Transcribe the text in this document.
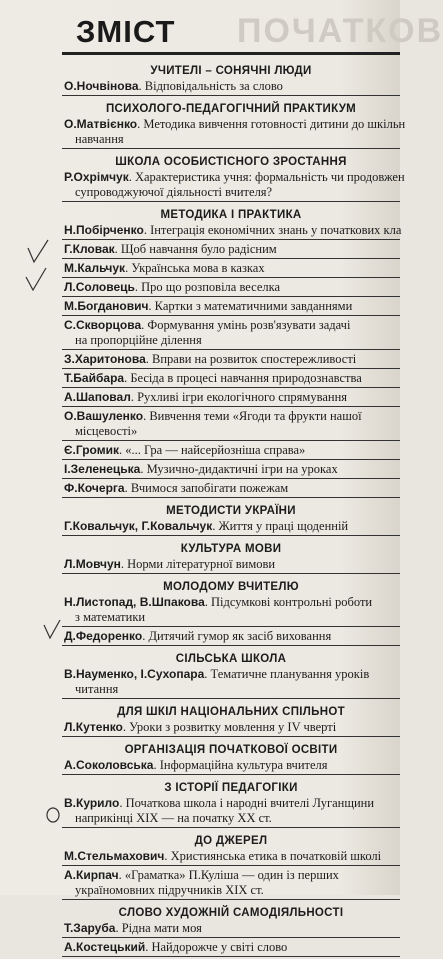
ПОЧАТКОВ
ЗМІСТ
УЧИТЕЛІ – СОНЯЧНІ ЛЮДИ
О.Ночвінова. Відповідальність за слово
ПСИХОЛОГО-ПЕДАГОГІЧНИЙ ПРАКТИКУМ
О.Матвієнко. Методика вивчення готовності дитини до шкільн
навчання
ШКОЛА ОСОБИСТІСНОГО ЗРОСТАННЯ
Р.Охрімчук. Характеристика учня: формальність чи продовжен
супроводжуючої діяльності вчителя?
МЕТОДИКА І ПРАКТИКА
Н.Побірченко. Інтеграція економічних знань у початкових кла
Г.Кловак. Щоб навчання було радісним
М.Кальчук. Українська мова в казках
Л.Соловець. Про що розповіла веселка
М.Богданович. Картки з математичними завданнями
С.Скворцова. Формування умінь розв'язувати задачі
на пропорційне ділення
З.Харитонова. Вправи на розвиток спостережливості
Т.Байбара. Бесіда в процесі навчання природознавства
А.Шаповал. Рухливі ігри екологічного спрямування
О.Вашуленко. Вивчення теми «Ягоди та фрукти нашої
місцевості»
Є.Громик. «... Гра — найсерйозніша справа»
І.Зеленецька. Музично-дидактичні ігри на уроках
Ф.Кочерга. Вчимося запобігати пожежам
МЕТОДИСТИ УКРАЇНИ
Г.Ковальчук, Г.Ковальчук. Життя у праці щоденній
КУЛЬТУРА МОВИ
Л.Мовчун. Норми літературної вимови
МОЛОДОМУ ВЧИТЕЛЮ
Н.Листопад, В.Шпакова. Підсумкові контрольні роботи
з математики
Д.Федоренко. Дитячий гумор як засіб виховання
СІЛЬСЬКА ШКОЛА
В.Науменко, І.Сухопара. Тематичне планування уроків
читання
ДЛЯ ШКІЛ НАЦІОНАЛЬНИХ СПІЛЬНОТ
Л.Кутенко. Уроки з розвитку мовлення у IV чверті
ОРГАНІЗАЦІЯ ПОЧАТКОВОЇ ОСВІТИ
А.Соколовська. Інформаційна культура вчителя
З ІСТОРІЇ ПЕДАГОГІКИ
В.Курило. Початкова школа і народні вчителі Луганщини
наприкінці XIX — на початку XX ст.
ДО ДЖЕРЕЛ
М.Стельмахович. Християнська етика в початковій школі
А.Кирпач. «Граматка» П.Куліша — один із перших
україномовних підручників XIX ст.
СЛОВО ХУДОЖНІЙ САМОДІЯЛЬНОСТІ
Т.Заруба. Рідна мати моя
А.Костецький. Найдорожче у світі слово
